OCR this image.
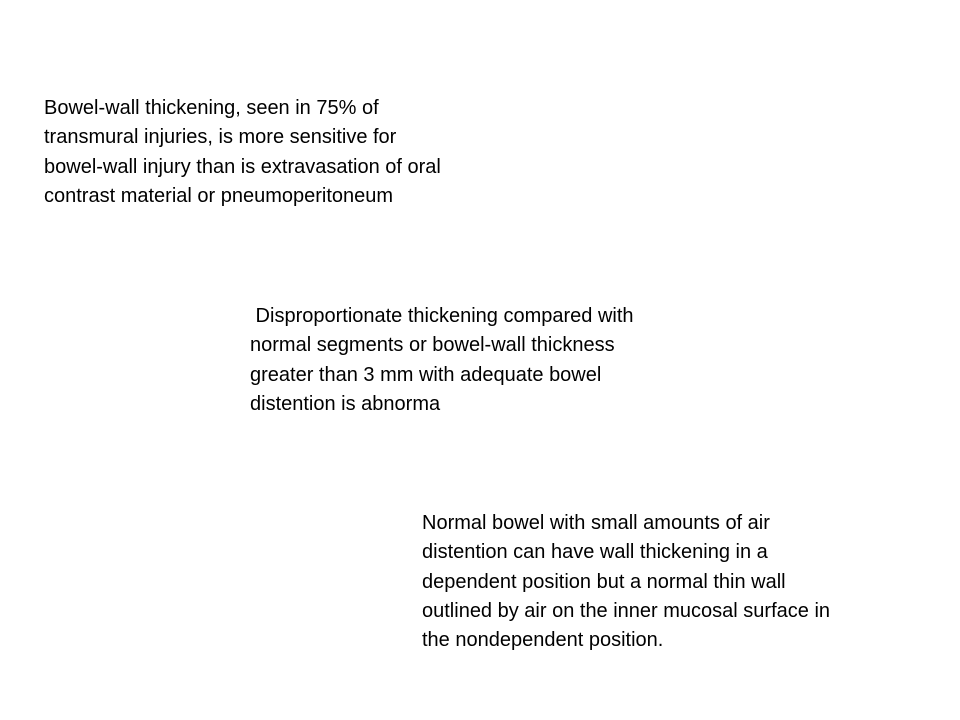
Bowel-wall thickening, seen in 75% of
transmural injuries, is more sensitive for
bowel-wall injury than is extravasation of oral
contrast material or pneumoperitoneum
Disproportionate thickening compared with
normal segments or bowel-wall thickness
greater than 3 mm with adequate bowel
distention is abnorma
Normal bowel with small amounts of air
distention can have wall thickening in a
dependent position but a normal thin wall
outlined by air on the inner mucosal surface in
the nondependent position.
